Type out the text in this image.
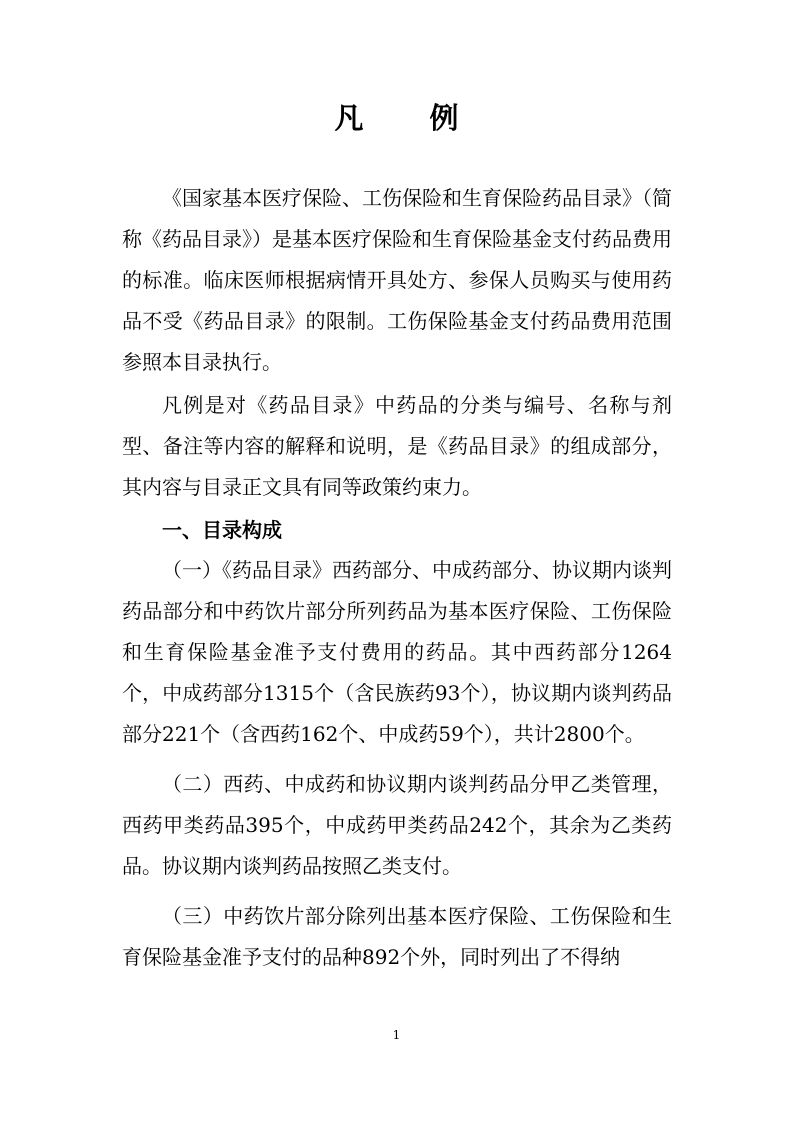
凡 例

《国家基本医疗保险、工伤保险和生育保险药品目录》（简称《药品目录》）是基本医疗保险和生育保险基金支付药品费用的标准。临床医师根据病情开具处方、参保人员购买与使用药品不受《药品目录》的限制。工伤保险基金支付药品费用范围参照本目录执行。

凡例是对《药品目录》中药品的分类与编号、名称与剂型、备注等内容的解释和说明，是《药品目录》的组成部分，其内容与目录正文具有同等政策约束力。

一、目录构成

（一）《药品目录》西药部分、中成药部分、协议期内谈判药品部分和中药饮片部分所列药品为基本医疗保险、工伤保险和生育保险基金准予支付费用的药品。其中西药部分1264个，中成药部分1315个（含民族药93个），协议期内谈判药品部分221个（含西药162个、中成药59个），共计2800个。

（二）西药、中成药和协议期内谈判药品分甲乙类管理，西药甲类药品395个，中成药甲类药品242个，其余为乙类药品。协议期内谈判药品按照乙类支付。

（三）中药饮片部分除列出基本医疗保险、工伤保险和生育保险基金准予支付的品种892个外，同时列出了不得纳

1
